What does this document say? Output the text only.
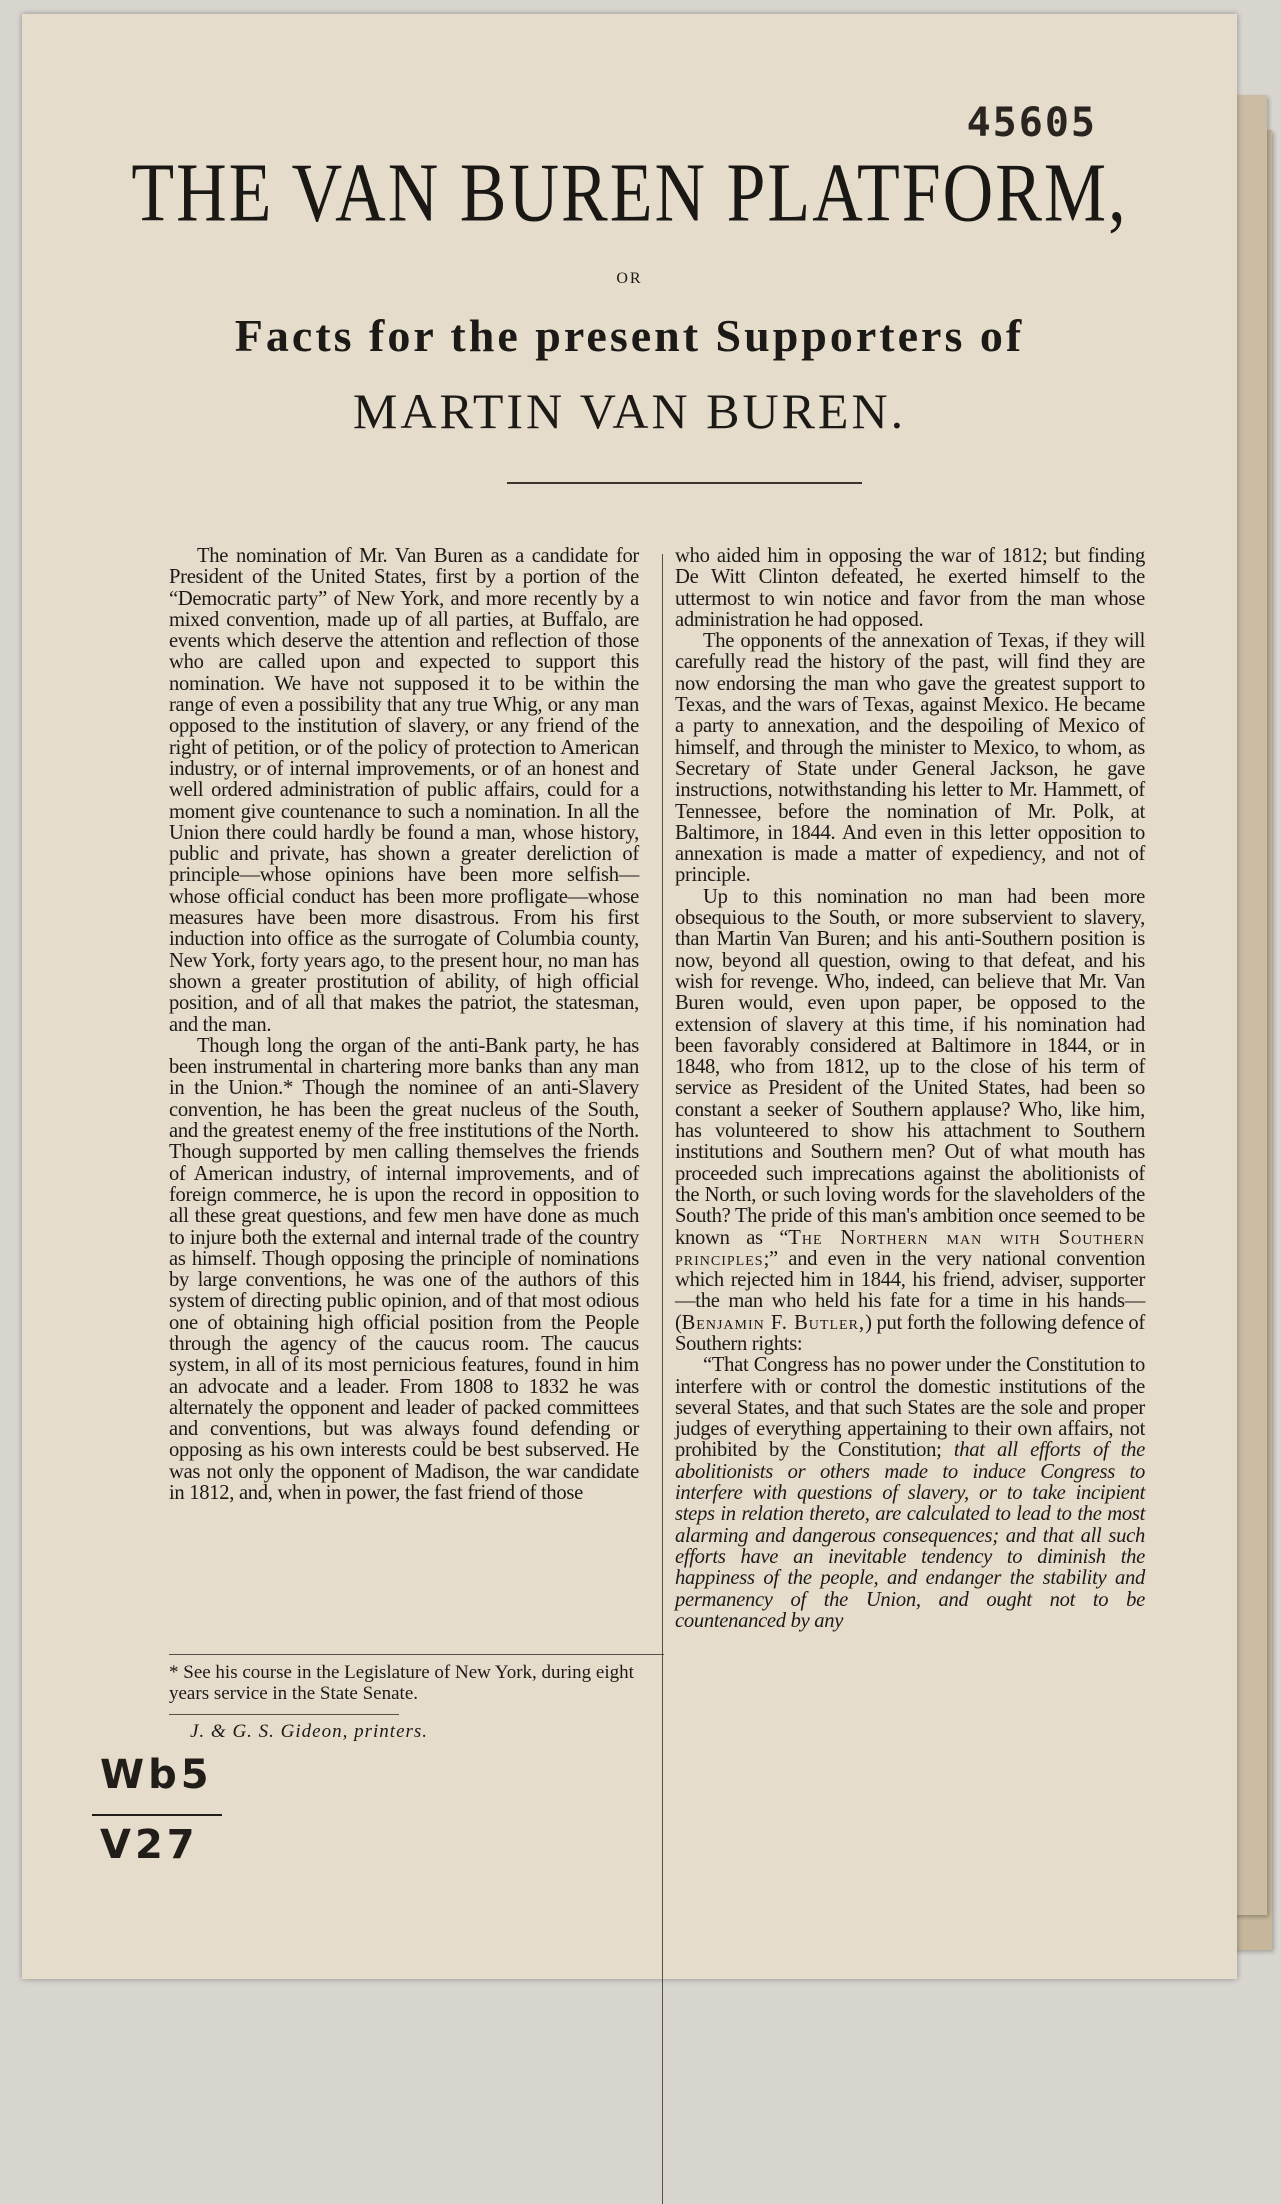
45605
THE VAN BUREN PLATFORM,
OR
Facts for the present Supporters of
MARTIN VAN BUREN.

The nomination of Mr. Van Buren as a candidate for President of the United States, first by a portion of the “Democratic party” of New York, and more recently by a mixed convention, made up of all parties, at Buffalo, are events which deserve the attention and reflection of those who are called upon and expected to support this nomination. We have not supposed it to be within the range of even a possibility that any true Whig, or any man opposed to the institution of slavery, or any friend of the right of petition, or of the policy of protection to American industry, or of internal improvements, or of an honest and well ordered administration of public affairs, could for a moment give countenance to such a nomination. In all the Union there could hardly be found a man, whose history, public and private, has shown a greater dereliction of principle—whose opinions have been more selfish—whose official conduct has been more profligate—whose measures have been more disastrous. From his first induction into office as the surrogate of Columbia county, New York, forty years ago, to the present hour, no man has shown a greater prostitution of ability, of high official position, and of all that makes the patriot, the statesman, and the man.

Though long the organ of the anti-Bank party, he has been instrumental in chartering more banks than any man in the Union.* Though the nominee of an anti-Slavery convention, he has been the great nucleus of the South, and the greatest enemy of the free institutions of the North. Though supported by men calling themselves the friends of American industry, of internal improvements, and of foreign commerce, he is upon the record in opposition to all these great questions, and few men have done as much to injure both the external and internal trade of the country as himself. Though opposing the principle of nominations by large conventions, he was one of the authors of this system of directing public opinion, and of that most odious one of obtaining high official position from the People through the agency of the caucus room. The caucus system, in all of its most pernicious features, found in him an advocate and a leader. From 1808 to 1832 he was alternately the opponent and leader of packed committees and conventions, but was always found defending or opposing as his own interests could be best subserved. He was not only the opponent of Madison, the war candidate in 1812, and, when in power, the fast friend of those

who aided him in opposing the war of 1812; but finding De Witt Clinton defeated, he exerted himself to the uttermost to win notice and favor from the man whose administration he had opposed.

The opponents of the annexation of Texas, if they will carefully read the history of the past, will find they are now endorsing the man who gave the greatest support to Texas, and the wars of Texas, against Mexico. He became a party to annexation, and the despoiling of Mexico of himself, and through the minister to Mexico, to whom, as Secretary of State under General Jackson, he gave instructions, notwithstanding his letter to Mr. Hammett, of Tennessee, before the nomination of Mr. Polk, at Baltimore, in 1844. And even in this letter opposition to annexation is made a matter of expediency, and not of principle.

Up to this nomination no man had been more obsequious to the South, or more subservient to slavery, than Martin Van Buren; and his anti-Southern position is now, beyond all question, owing to that defeat, and his wish for revenge. Who, indeed, can believe that Mr. Van Buren would, even upon paper, be opposed to the extension of slavery at this time, if his nomination had been favorably considered at Baltimore in 1844, or in 1848, who from 1812, up to the close of his term of service as President of the United States, had been so constant a seeker of Southern applause? Who, like him, has volunteered to show his attachment to Southern institutions and Southern men? Out of what mouth has proceeded such imprecations against the abolitionists of the North, or such loving words for the slaveholders of the South? The pride of this man's ambition once seemed to be known as “The Northern man with Southern principles;” and even in the very national convention which rejected him in 1844, his friend, adviser, supporter—the man who held his fate for a time in his hands—(Benjamin F. Butler,) put forth the following defence of Southern rights:

“That Congress has no power under the Constitution to interfere with or control the domestic institutions of the several States, and that such States are the sole and proper judges of everything appertaining to their own affairs, not prohibited by the Constitution; that all efforts of the abolitionists or others made to induce Congress to interfere with questions of slavery, or to take incipient steps in relation thereto, are calculated to lead to the most alarming and dangerous consequences; and that all such efforts have an inevitable tendency to diminish the happiness of the people, and endanger the stability and permanency of the Union, and ought not to be countenanced by any

* See his course in the Legislature of New York, during eight years service in the State Senate.

J. & G. S. Gideon, printers.
Wb5
V27
